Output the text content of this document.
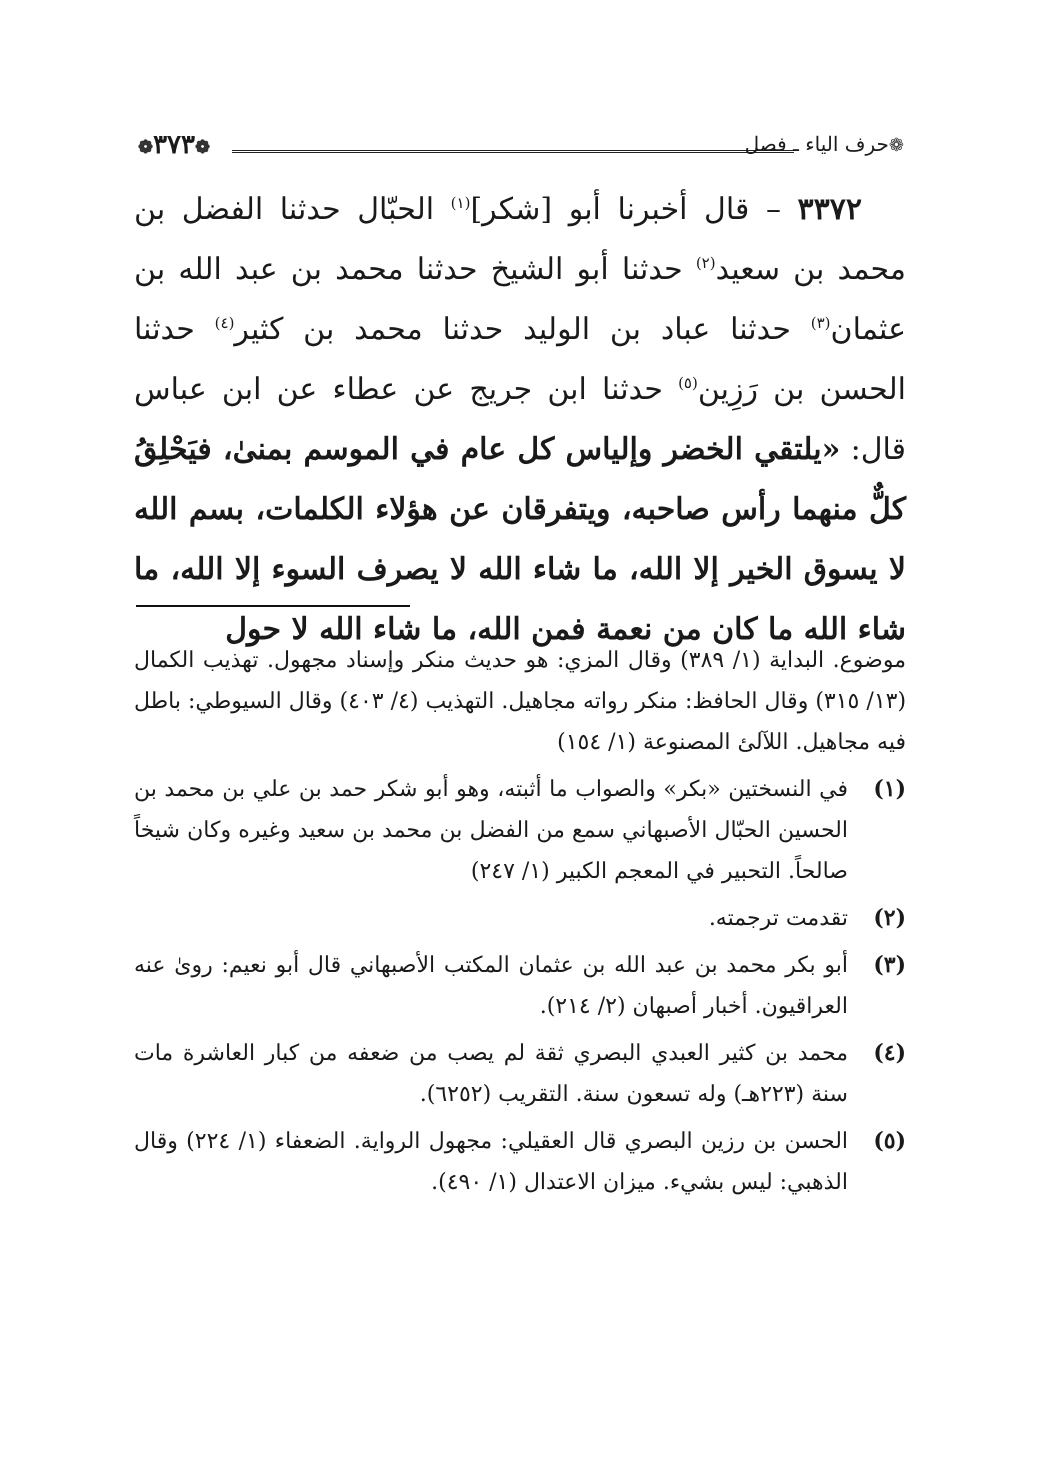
❁٣٧٣❁	❁حرف الياء ـ فصل

٣٣٧٢ – قال أخبرنا أبو [شكر]$^{(١)}$ الحبّال حدثنا الفضل بن محمد بن سعيد$^{(٢)}$ حدثنا أبو الشيخ حدثنا محمد بن عبد الله بن عثمان$^{(٣)}$ حدثنا عباد بن الوليد حدثنا محمد بن كثير$^{(٤)}$ حدثنا الحسن بن رَزِين$^{(٥)}$ حدثنا ابن جريج عن عطاء عن ابن عباس قال: «يلتقي الخضر وإلياس كل عام في الموسم بمنىٰ، فيَحْلِقُ كلٌّ منهما رأس صاحبه، ويتفرقان عن هؤلاء الكلمات، بسم الله لا يسوق الخير إلا الله، ما شاء الله لا يصرف السوء إلا الله، ما شاء الله ما كان من نعمة فمن الله، ما شاء الله لا حول

موضوع. البداية (١/ ٣٨٩) وقال المزي: هو حديث منكر وإسناد مجهول. تهذيب الكمال (١٣/ ٣١٥) وقال الحافظ: منكر رواته مجاهيل. التهذيب (٤/ ٤٠٣) وقال السيوطي: باطل فيه مجاهيل. اللآلئ المصنوعة (١/ ١٥٤)

(١)
في النسختين «بكر» والصواب ما أثبته، وهو أبو شكر حمد بن علي بن محمد بن الحسين الحبّال الأصبهاني سمع من الفضل بن محمد بن سعيد وغيره وكان شيخاً صالحاً. التحبير في المعجم الكبير (١/ ٢٤٧)
(٢)
تقدمت ترجمته.
(٣)
أبو بكر محمد بن عبد الله بن عثمان المكتب الأصبهاني قال أبو نعيم: روىٰ عنه العراقيون. أخبار أصبهان (٢/ ٢١٤).
(٤)
محمد بن كثير العبدي البصري ثقة لم يصب من ضعفه من كبار العاشرة مات سنة (٢٢٣هـ) وله تسعون سنة. التقريب (٦٢٥٢).
(٥)
الحسن بن رزين البصري قال العقيلي: مجهول الرواية. الضعفاء (١/ ٢٢٤) وقال الذهبي: ليس بشيء. ميزان الاعتدال (١/ ٤٩٠).
